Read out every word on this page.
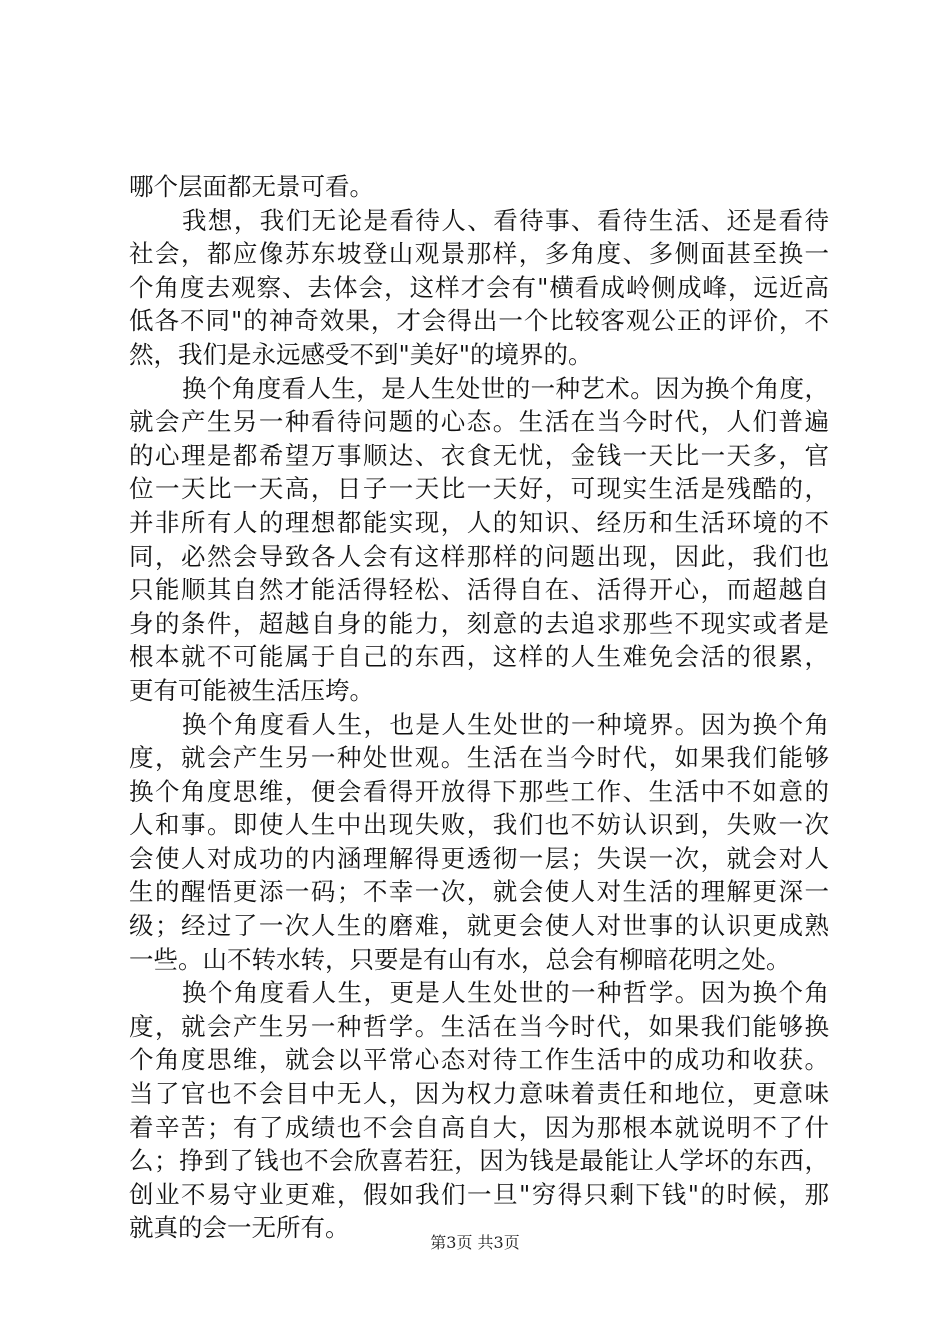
哪个层面都无景可看。
我想，我们无论是看待人、看待事、看待生活、还是看待
社会，都应像苏东坡登山观景那样，多角度、多侧面甚至换一
个角度去观察、去体会，这样才会有"横看成岭侧成峰，远近高
低各不同"的神奇效果，才会得出一个比较客观公正的评价，不
然，我们是永远感受不到"美好"的境界的。
换个角度看人生，是人生处世的一种艺术。因为换个角度，
就会产生另一种看待问题的心态。生活在当今时代，人们普遍
的心理是都希望万事顺达、衣食无忧，金钱一天比一天多，官
位一天比一天高，日子一天比一天好，可现实生活是残酷的，
并非所有人的理想都能实现，人的知识、经历和生活环境的不
同，必然会导致各人会有这样那样的问题出现，因此，我们也
只能顺其自然才能活得轻松、活得自在、活得开心，而超越自
身的条件，超越自身的能力，刻意的去追求那些不现实或者是
根本就不可能属于自己的东西，这样的人生难免会活的很累，
更有可能被生活压垮。
换个角度看人生，也是人生处世的一种境界。因为换个角
度，就会产生另一种处世观。生活在当今时代，如果我们能够
换个角度思维，便会看得开放得下那些工作、生活中不如意的
人和事。即使人生中出现失败，我们也不妨认识到，失败一次
会使人对成功的内涵理解得更透彻一层；失误一次，就会对人
生的醒悟更添一码；不幸一次，就会使人对生活的理解更深一
级；经过了一次人生的磨难，就更会使人对世事的认识更成熟
一些。山不转水转，只要是有山有水，总会有柳暗花明之处。
换个角度看人生，更是人生处世的一种哲学。因为换个角
度，就会产生另一种哲学。生活在当今时代，如果我们能够换
个角度思维，就会以平常心态对待工作生活中的成功和收获。
当了官也不会目中无人，因为权力意味着责任和地位，更意味
着辛苦；有了成绩也不会自高自大，因为那根本就说明不了什
么；挣到了钱也不会欣喜若狂，因为钱是最能让人学坏的东西，
创业不易守业更难，假如我们一旦"穷得只剩下钱"的时候，那
就真的会一无所有。
第3页 共3页
